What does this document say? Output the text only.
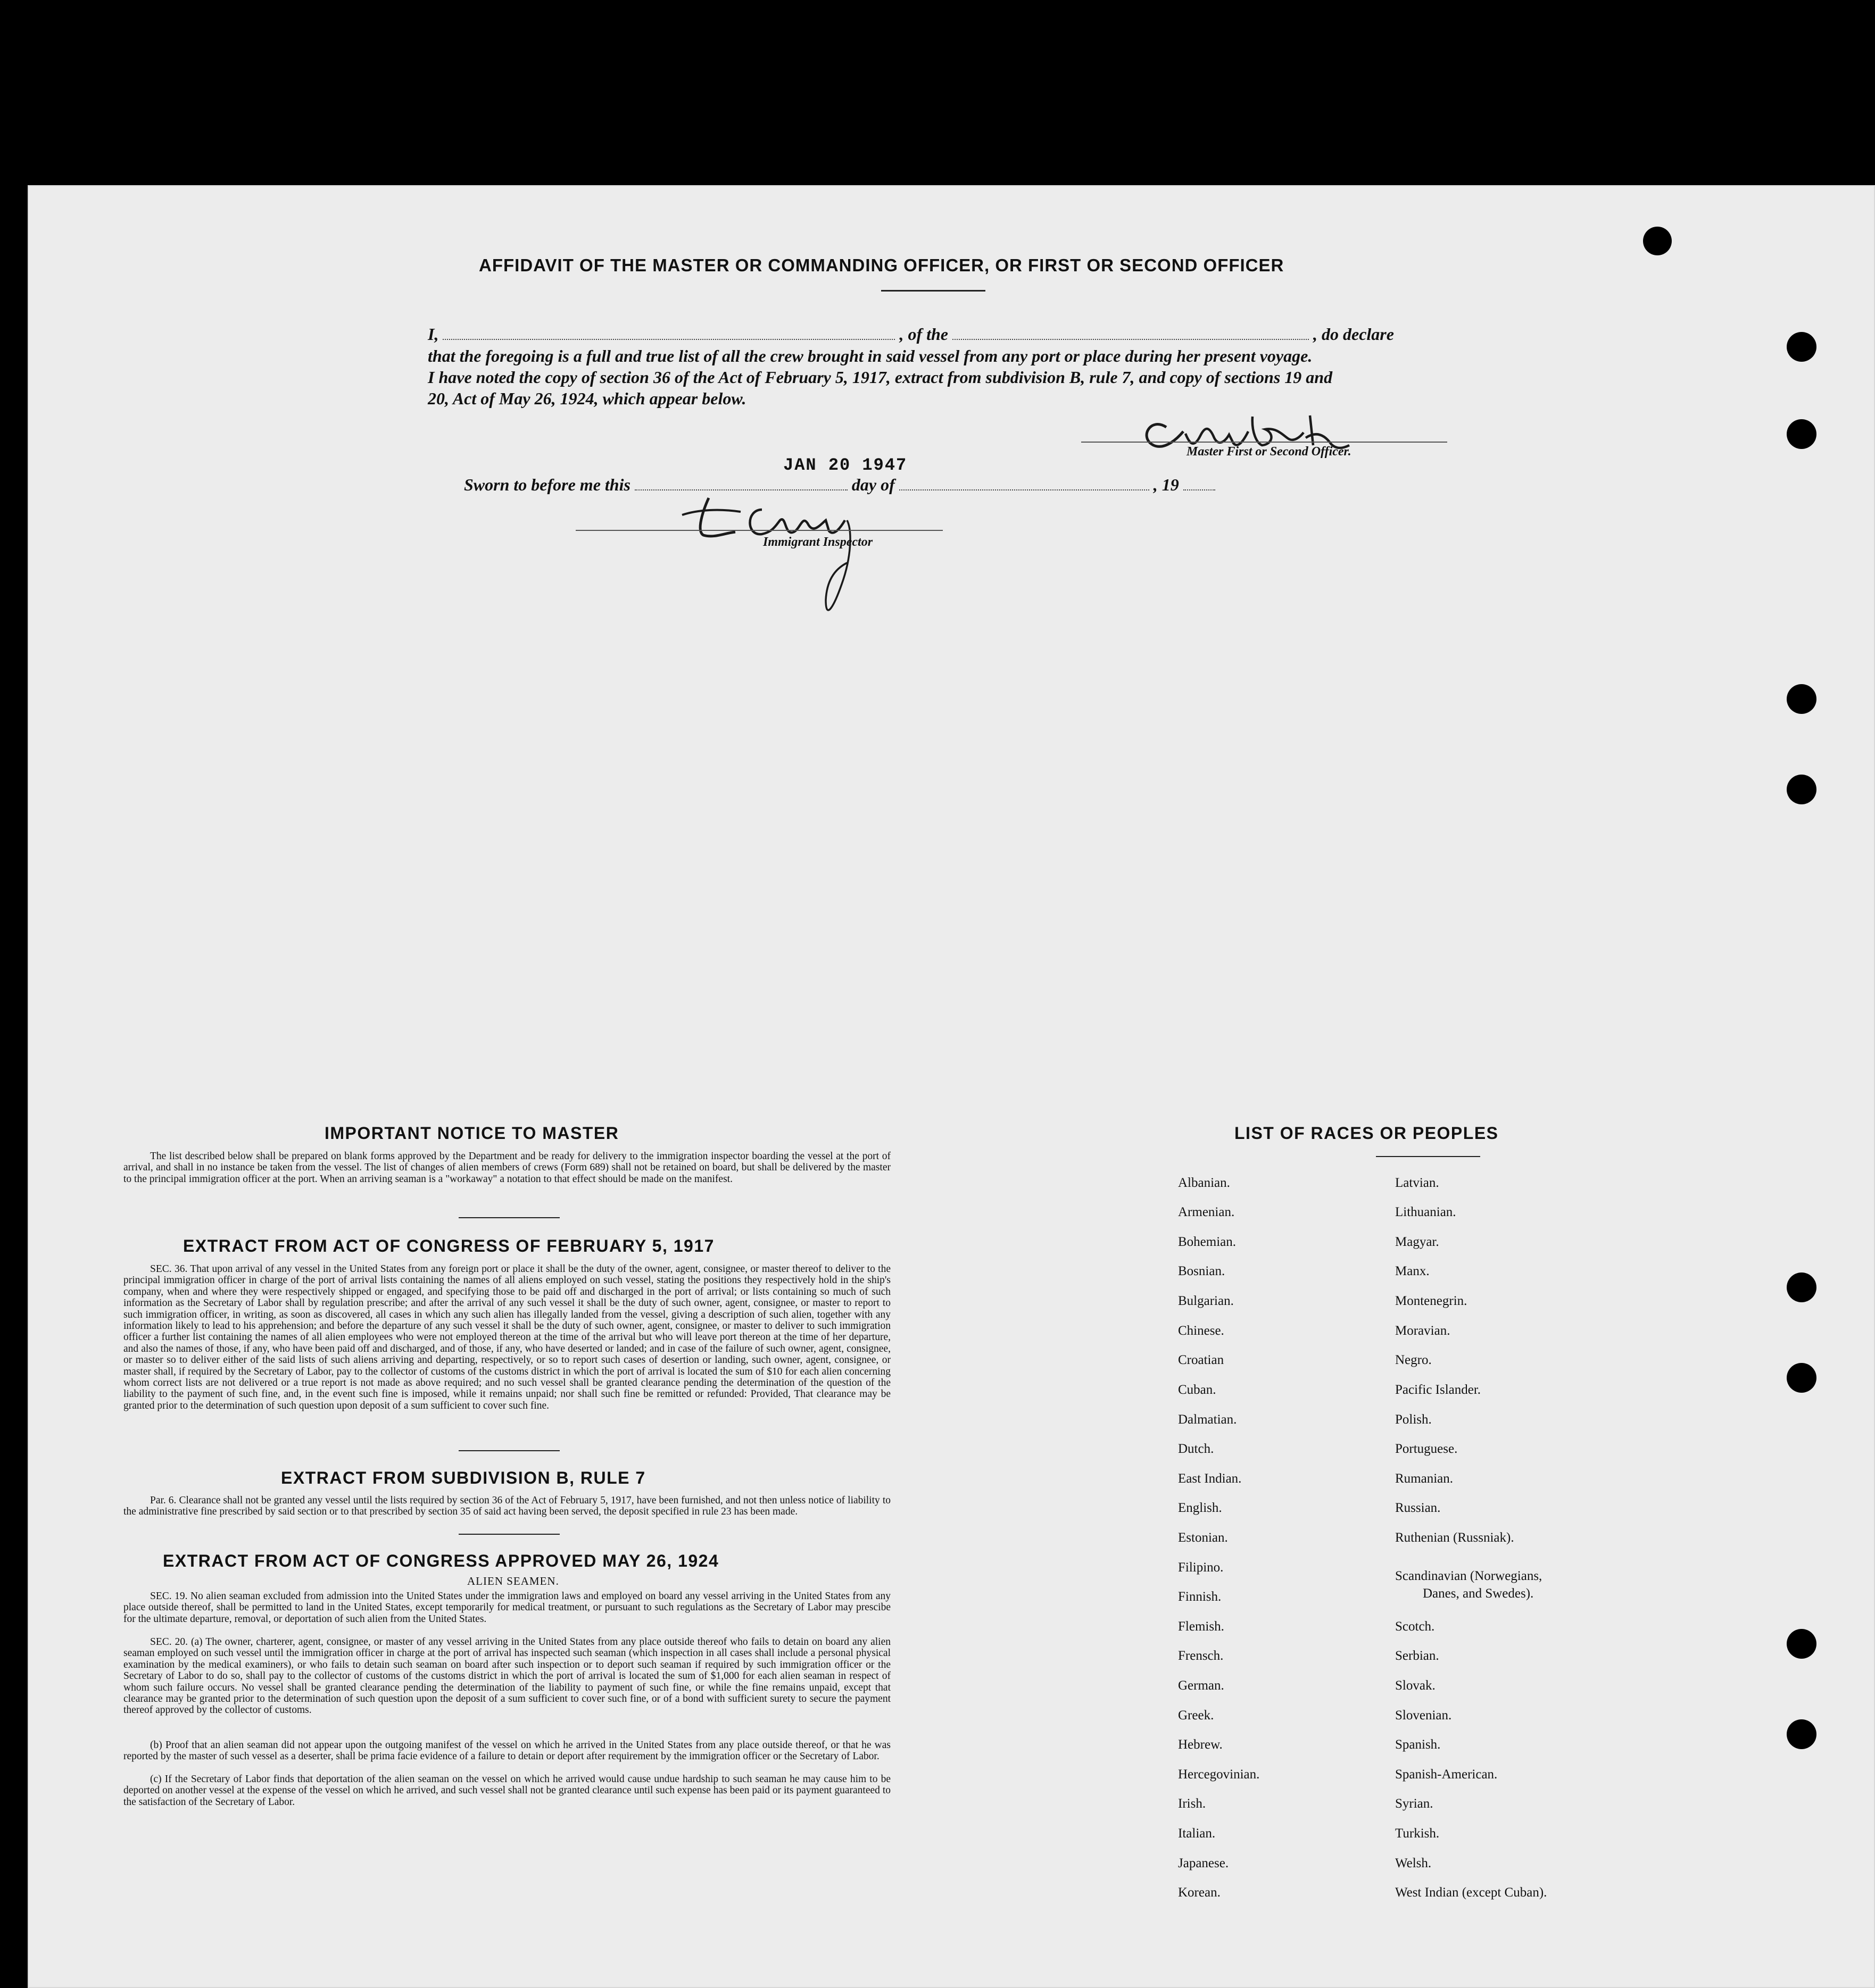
AFFIDAVIT OF THE MASTER OR COMMANDING OFFICER, OR FIRST OR SECOND OFFICER
I,	, of the	, do declare
that the foregoing is a full and true list of all the crew brought in said vessel from any port or place during her present voyage.
I have noted the copy of section 36 of the Act of February 5, 1917, extract from subdivision B, rule 7, and copy of sections 19 and
20, Act of May 26, 1924, which appear below.
Master First or Second Officer.
JAN 20 1947
Sworn to before me this	day of	, 19
Immigrant Inspector
IMPORTANT NOTICE TO MASTER

The list described below shall be prepared on blank forms approved by the Department and be ready for delivery to the immigration inspector boarding the vessel at the port of arrival, and shall in no instance be taken from the vessel. The list of changes of alien members of crews (Form 689) shall not be retained on board, but shall be delivered by the master to the principal immigration officer at the port. When an arriving seaman is a "workaway" a notation to that effect should be made on the manifest.

EXTRACT FROM ACT OF CONGRESS OF FEBRUARY 5, 1917

SEC. 36. That upon arrival of any vessel in the United States from any foreign port or place it shall be the duty of the owner, agent, consignee, or master thereof to deliver to the principal immigration officer in charge of the port of arrival lists containing the names of all aliens employed on such vessel, stating the positions they respectively hold in the ship's company, when and where they were respectively shipped or engaged, and specifying those to be paid off and discharged in the port of arrival; or lists containing so much of such information as the Secretary of Labor shall by regulation prescribe; and after the arrival of any such vessel it shall be the duty of such owner, agent, consignee, or master to report to such immigration officer, in writing, as soon as discovered, all cases in which any such alien has illegally landed from the vessel, giving a description of such alien, together with any information likely to lead to his apprehension; and before the departure of any such vessel it shall be the duty of such owner, agent, consignee, or master to deliver to such immigration officer a further list containing the names of all alien employees who were not employed thereon at the time of the arrival but who will leave port thereon at the time of her departure, and also the names of those, if any, who have been paid off and discharged, and of those, if any, who have deserted or landed; and in case of the failure of such owner, agent, consignee, or master so to deliver either of the said lists of such aliens arriving and departing, respectively, or so to report such cases of desertion or landing, such owner, agent, consignee, or master shall, if required by the Secretary of Labor, pay to the collector of customs of the customs district in which the port of arrival is located the sum of $10 for each alien concerning whom correct lists are not delivered or a true report is not made as above required; and no such vessel shall be granted clearance pending the determination of the question of the liability to the payment of such fine, and, in the event such fine is imposed, while it remains unpaid; nor shall such fine be remitted or refunded: Provided, That clearance may be granted prior to the determination of such question upon deposit of a sum sufficient to cover such fine.

EXTRACT FROM SUBDIVISION B, RULE 7

Par. 6. Clearance shall not be granted any vessel until the lists required by section 36 of the Act of February 5, 1917, have been furnished, and not then unless notice of liability to the administrative fine prescribed by said section or to that prescribed by section 35 of said act having been served, the deposit specified in rule 23 has been made.

EXTRACT FROM ACT OF CONGRESS APPROVED MAY 26, 1924
ALIEN SEAMEN.

SEC. 19. No alien seaman excluded from admission into the United States under the immigration laws and employed on board any vessel arriving in the United States from any place outside thereof, shall be permitted to land in the United States, except temporarily for medical treatment, or pursuant to such regulations as the Secretary of Labor may prescibe for the ultimate departure, removal, or deportation of such alien from the United States.

SEC. 20. (a) The owner, charterer, agent, consignee, or master of any vessel arriving in the United States from any place outside thereof who fails to detain on board any alien seaman employed on such vessel until the immigration officer in charge at the port of arrival has inspected such seaman (which inspection in all cases shall include a personal physical examination by the medical examiners), or who fails to detain such seaman on board after such inspection or to deport such seaman if required by such immigration officer or the Secretary of Labor to do so, shall pay to the collector of customs of the customs district in which the port of arrival is located the sum of $1,000 for each alien seaman in respect of whom such failure occurs. No vessel shall be granted clearance pending the determination of the liability to payment of such fine, or while the fine remains unpaid, except that clearance may be granted prior to the determination of such question upon the deposit of a sum sufficient to cover such fine, or of a bond with sufficient surety to secure the payment thereof approved by the collector of customs.

(b) Proof that an alien seaman did not appear upon the outgoing manifest of the vessel on which he arrived in the United States from any place outside thereof, or that he was reported by the master of such vessel as a deserter, shall be prima facie evidence of a failure to detain or deport after requirement by the immigration officer or the Secretary of Labor.

(c) If the Secretary of Labor finds that deportation of the alien seaman on the vessel on which he arrived would cause undue hardship to such seaman he may cause him to be deported on another vessel at the expense of the vessel on which he arrived, and such vessel shall not be granted clearance until such expense has been paid or its payment guaranteed to the satisfaction of the Secretary of Labor.

LIST OF RACES OR PEOPLES
Albanian.
Armenian.
Bohemian.
Bosnian.
Bulgarian.
Chinese.
Croatian
Cuban.
Dalmatian.
Dutch.
East Indian.
English.
Estonian.
Filipino.
Finnish.
Flemish.
Frensch.
German.
Greek.
Hebrew.
Hercegovinian.
Irish.
Italian.
Japanese.
Korean.
Latvian.
Lithuanian.
Magyar.
Manx.
Montenegrin.
Moravian.
Negro.
Pacific Islander.
Polish.
Portuguese.
Rumanian.
Russian.
Ruthenian (Russniak).
Scandinavian (Norwegians,
Danes, and Swedes).
Scotch.
Serbian.
Slovak.
Slovenian.
Spanish.
Spanish-American.
Syrian.
Turkish.
Welsh.
West Indian (except Cuban).
